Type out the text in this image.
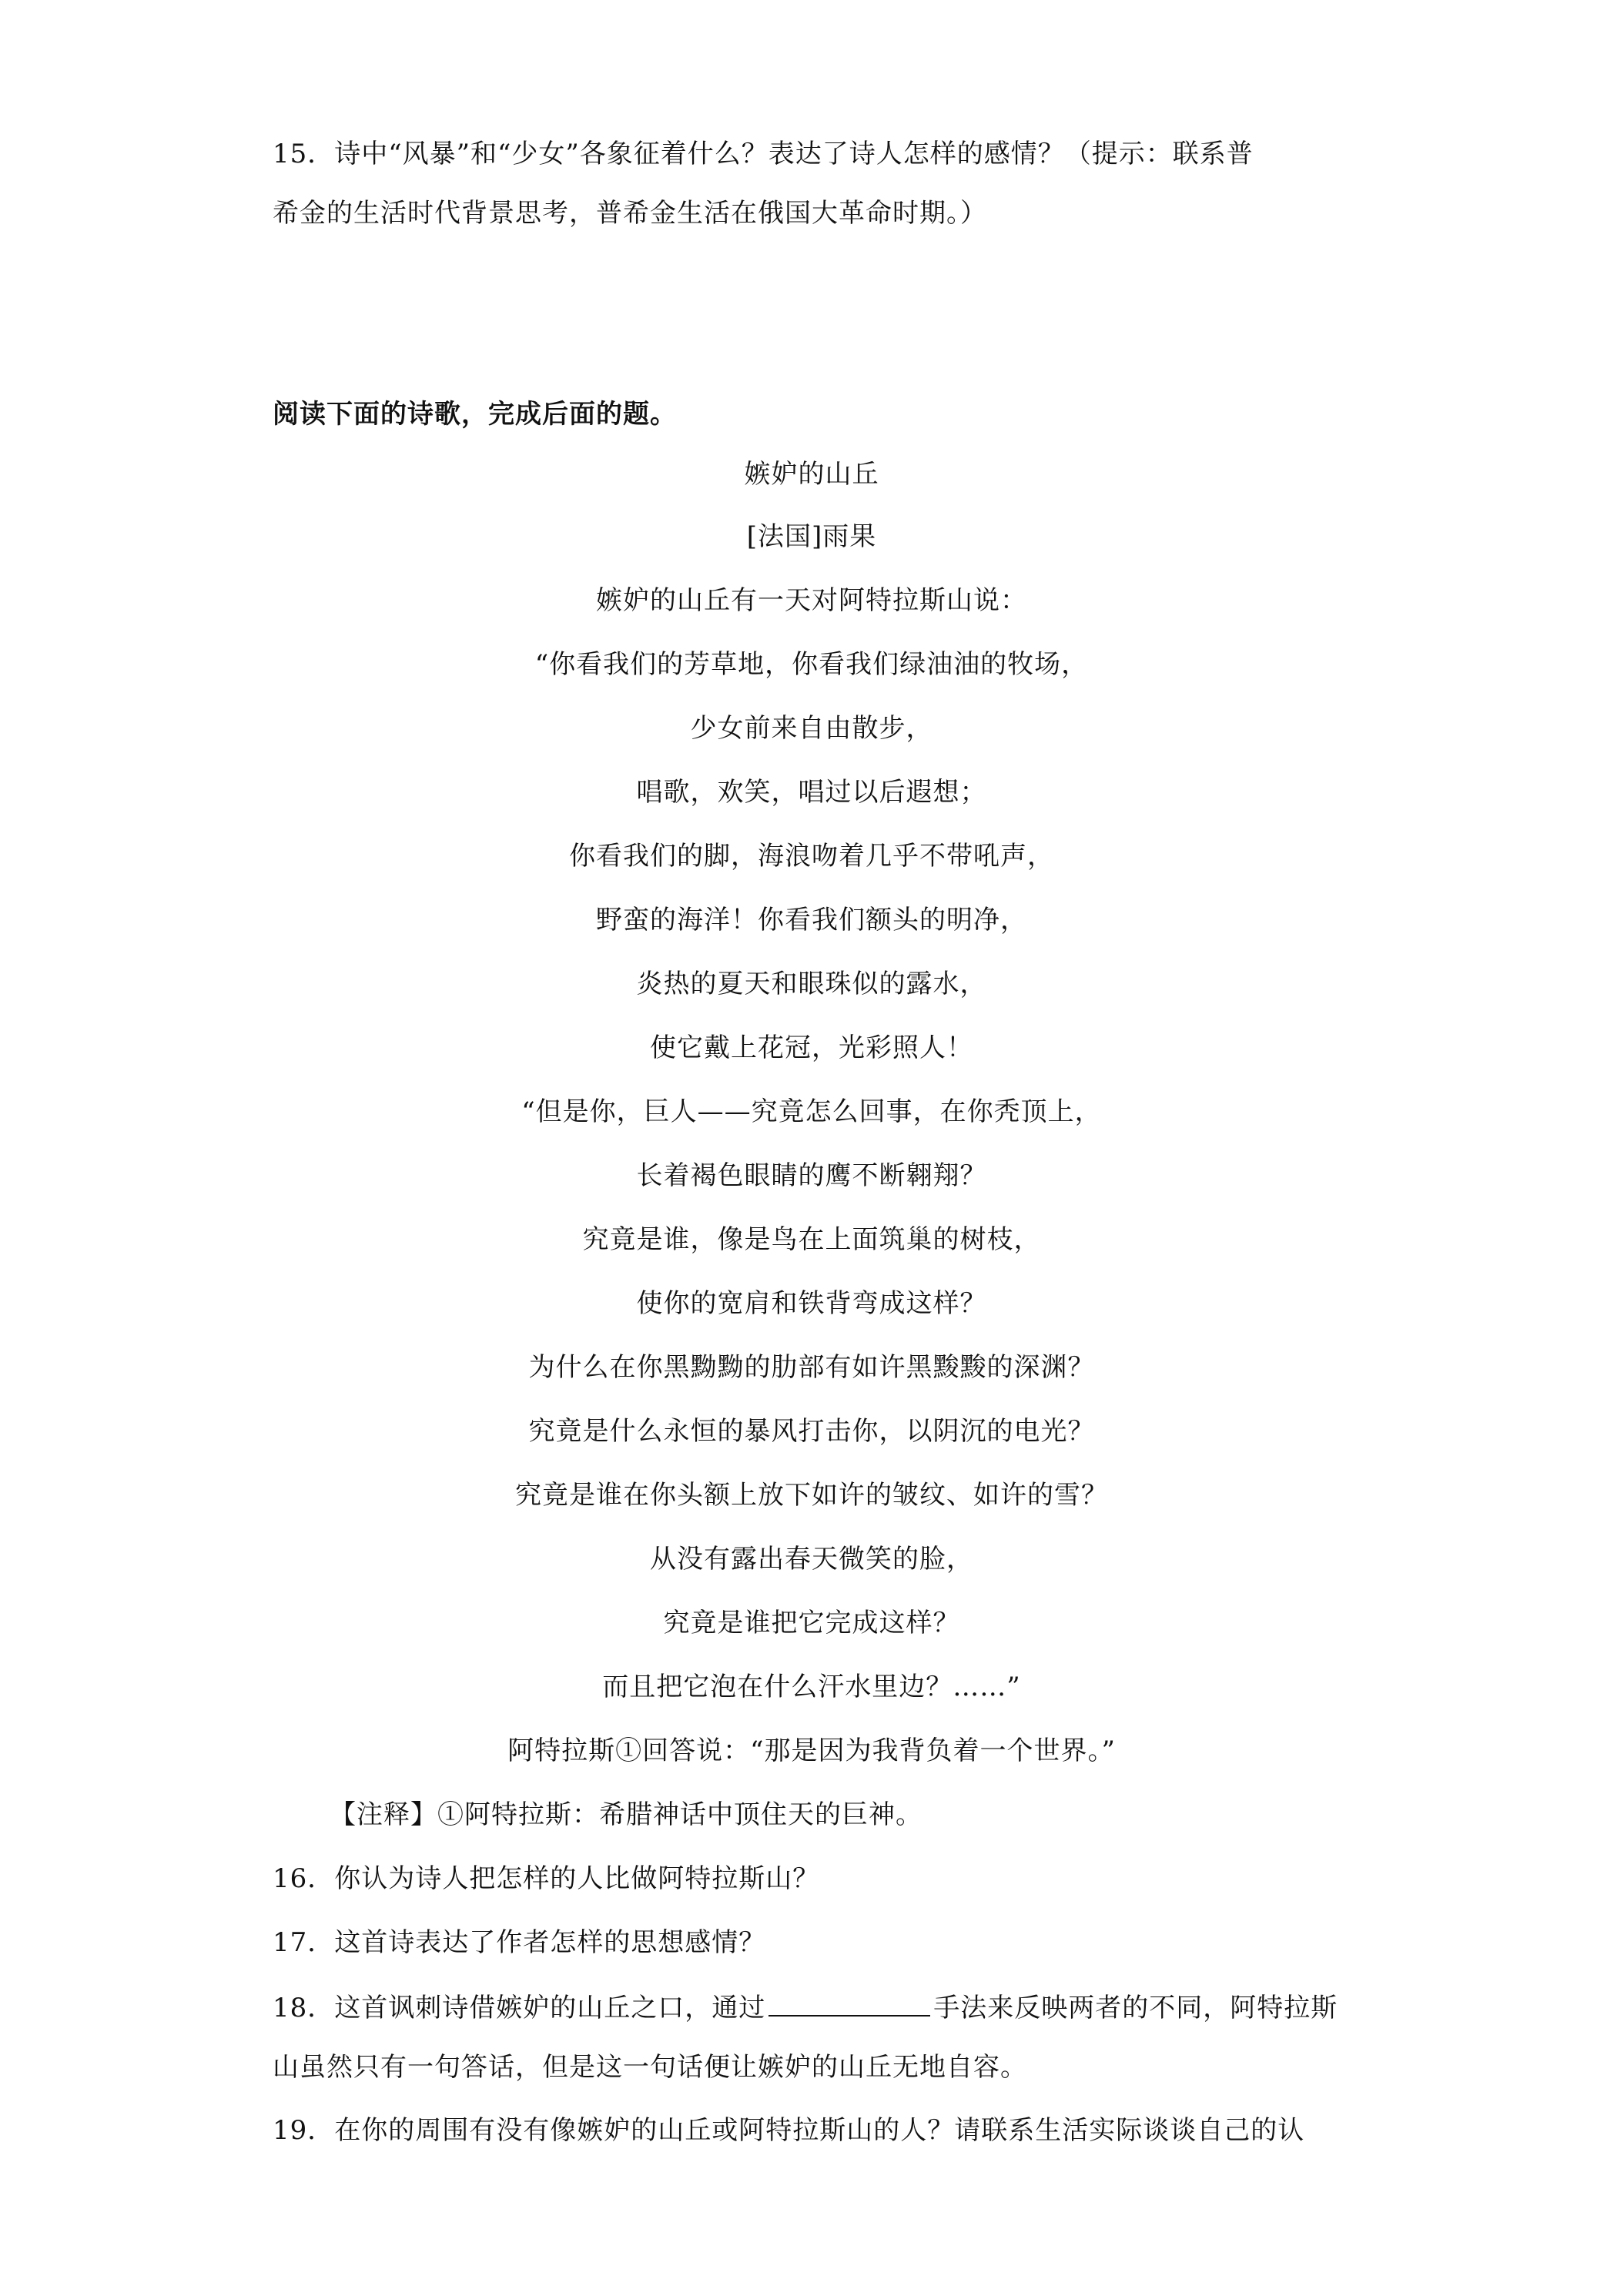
15．诗中“风暴”和“少女”各象征着什么？表达了诗人怎样的感情？（提示：联系普
希金的生活时代背景思考，普希金生活在俄国大革命时期。）
阅读下面的诗歌，完成后面的题。
嫉妒的山丘
[法国]雨果
嫉妒的山丘有一天对阿特拉斯山说：
“你看我们的芳草地，你看我们绿油油的牧场，
少女前来自由散步，
唱歌，欢笑，唱过以后遐想；
你看我们的脚，海浪吻着几乎不带吼声，
野蛮的海洋！你看我们额头的明净，
炎热的夏天和眼珠似的露水，
使它戴上花冠，光彩照人！
“但是你，巨人——究竟怎么回事，在你秃顶上，
长着褐色眼睛的鹰不断翱翔？
究竟是谁，像是鸟在上面筑巢的树枝，
使你的宽肩和铁背弯成这样？
为什么在你黑黝黝的肋部有如许黑黢黢的深渊？
究竟是什么永恒的暴风打击你，以阴沉的电光？
究竟是谁在你头额上放下如许的皱纹、如许的雪？
从没有露出春天微笑的脸，
究竟是谁把它完成这样？
而且把它泡在什么汗水里边？……”
阿特拉斯①回答说：“那是因为我背负着一个世界。”
【注释】①阿特拉斯：希腊神话中顶住天的巨神。
16．你认为诗人把怎样的人比做阿特拉斯山？
17．这首诗表达了作者怎样的思想感情？
18．这首讽刺诗借嫉妒的山丘之口，通过	手法来反映两者的不同，阿特拉斯
山虽然只有一句答话，但是这一句话便让嫉妒的山丘无地自容。
19．在你的周围有没有像嫉妒的山丘或阿特拉斯山的人？请联系生活实际谈谈自己的认
